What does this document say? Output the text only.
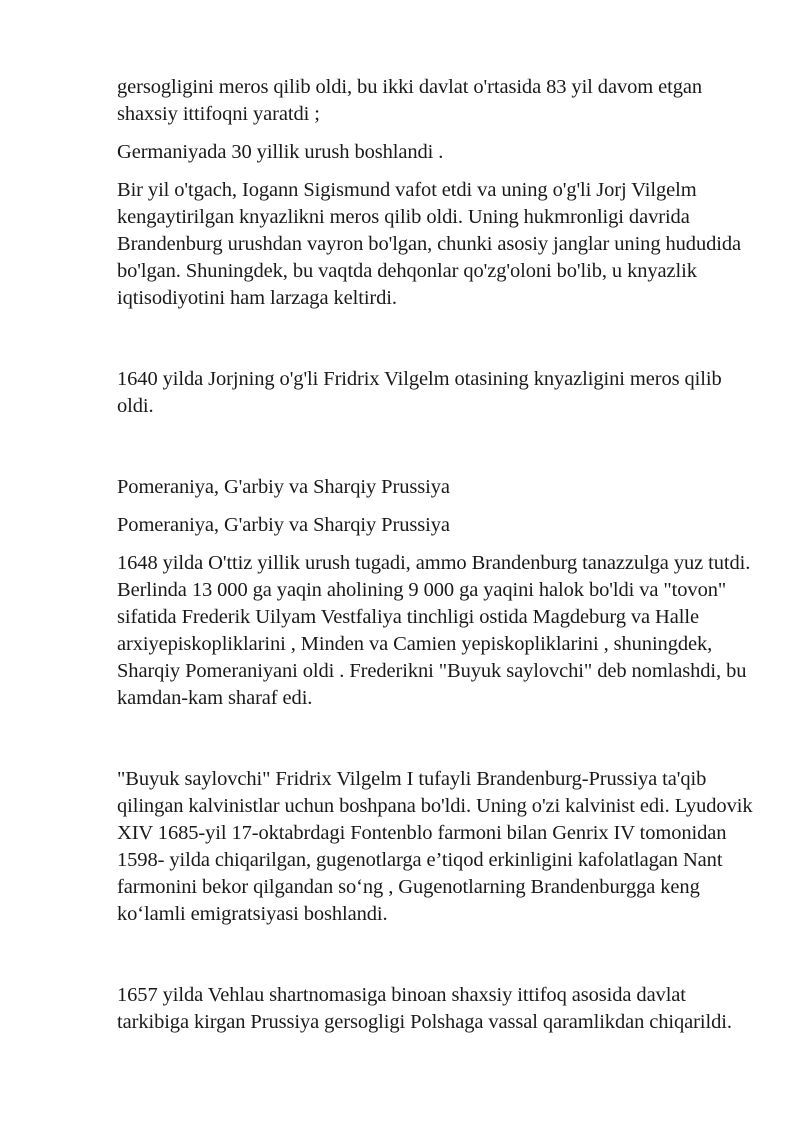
gersogligini meros qilib oldi, bu ikki davlat o'rtasida 83 yil davom etgan shaxsiy ittifoqni yaratdi ;

Germaniyada 30 yillik urush boshlandi .

Bir yil o'tgach, Iogann Sigismund vafot etdi va uning o'g'li Jorj Vilgelm kengaytirilgan knyazlikni meros qilib oldi. Uning hukmronligi davrida Brandenburg urushdan vayron bo'lgan, chunki asosiy janglar uning hududida bo'lgan. Shuningdek, bu vaqtda dehqonlar qo'zg'oloni bo'lib, u knyazlik iqtisodiyotini ham larzaga keltirdi.

1640 yilda Jorjning o'g'li Fridrix Vilgelm otasining knyazligini meros qilib oldi.

Pomeraniya, G'arbiy va Sharqiy Prussiya

Pomeraniya, G'arbiy va Sharqiy Prussiya

1648 yilda O'ttiz yillik urush tugadi, ammo Brandenburg tanazzulga yuz tutdi. Berlinda 13 000 ga yaqin aholining 9 000 ga yaqini halok bo'ldi va "tovon" sifatida Frederik Uilyam Vestfaliya tinchligi ostida Magdeburg va Halle arxiyepiskopliklarini , Minden va Camien yepiskopliklarini , shuningdek, Sharqiy Pomeraniyani oldi . Frederikni "Buyuk saylovchi" deb nomlashdi, bu kamdan-kam sharaf edi.

"Buyuk saylovchi" Fridrix Vilgelm I tufayli Brandenburg-Prussiya ta'qib qilingan kalvinistlar uchun boshpana bo'ldi. Uning o'zi kalvinist edi. Lyudovik XIV 1685-yil 17-oktabrdagi Fontenblo farmoni bilan Genrix IV tomonidan 1598- yilda chiqarilgan, gugenotlarga e’tiqod erkinligini kafolatlagan Nant farmonini bekor qilgandan so‘ng , Gugenotlarning Brandenburgga keng ko‘lamli emigratsiyasi boshlandi.

1657 yilda Vehlau shartnomasiga binoan shaxsiy ittifoq asosida davlat tarkibiga kirgan Prussiya gersogligi Polshaga vassal qaramlikdan chiqarildi.
